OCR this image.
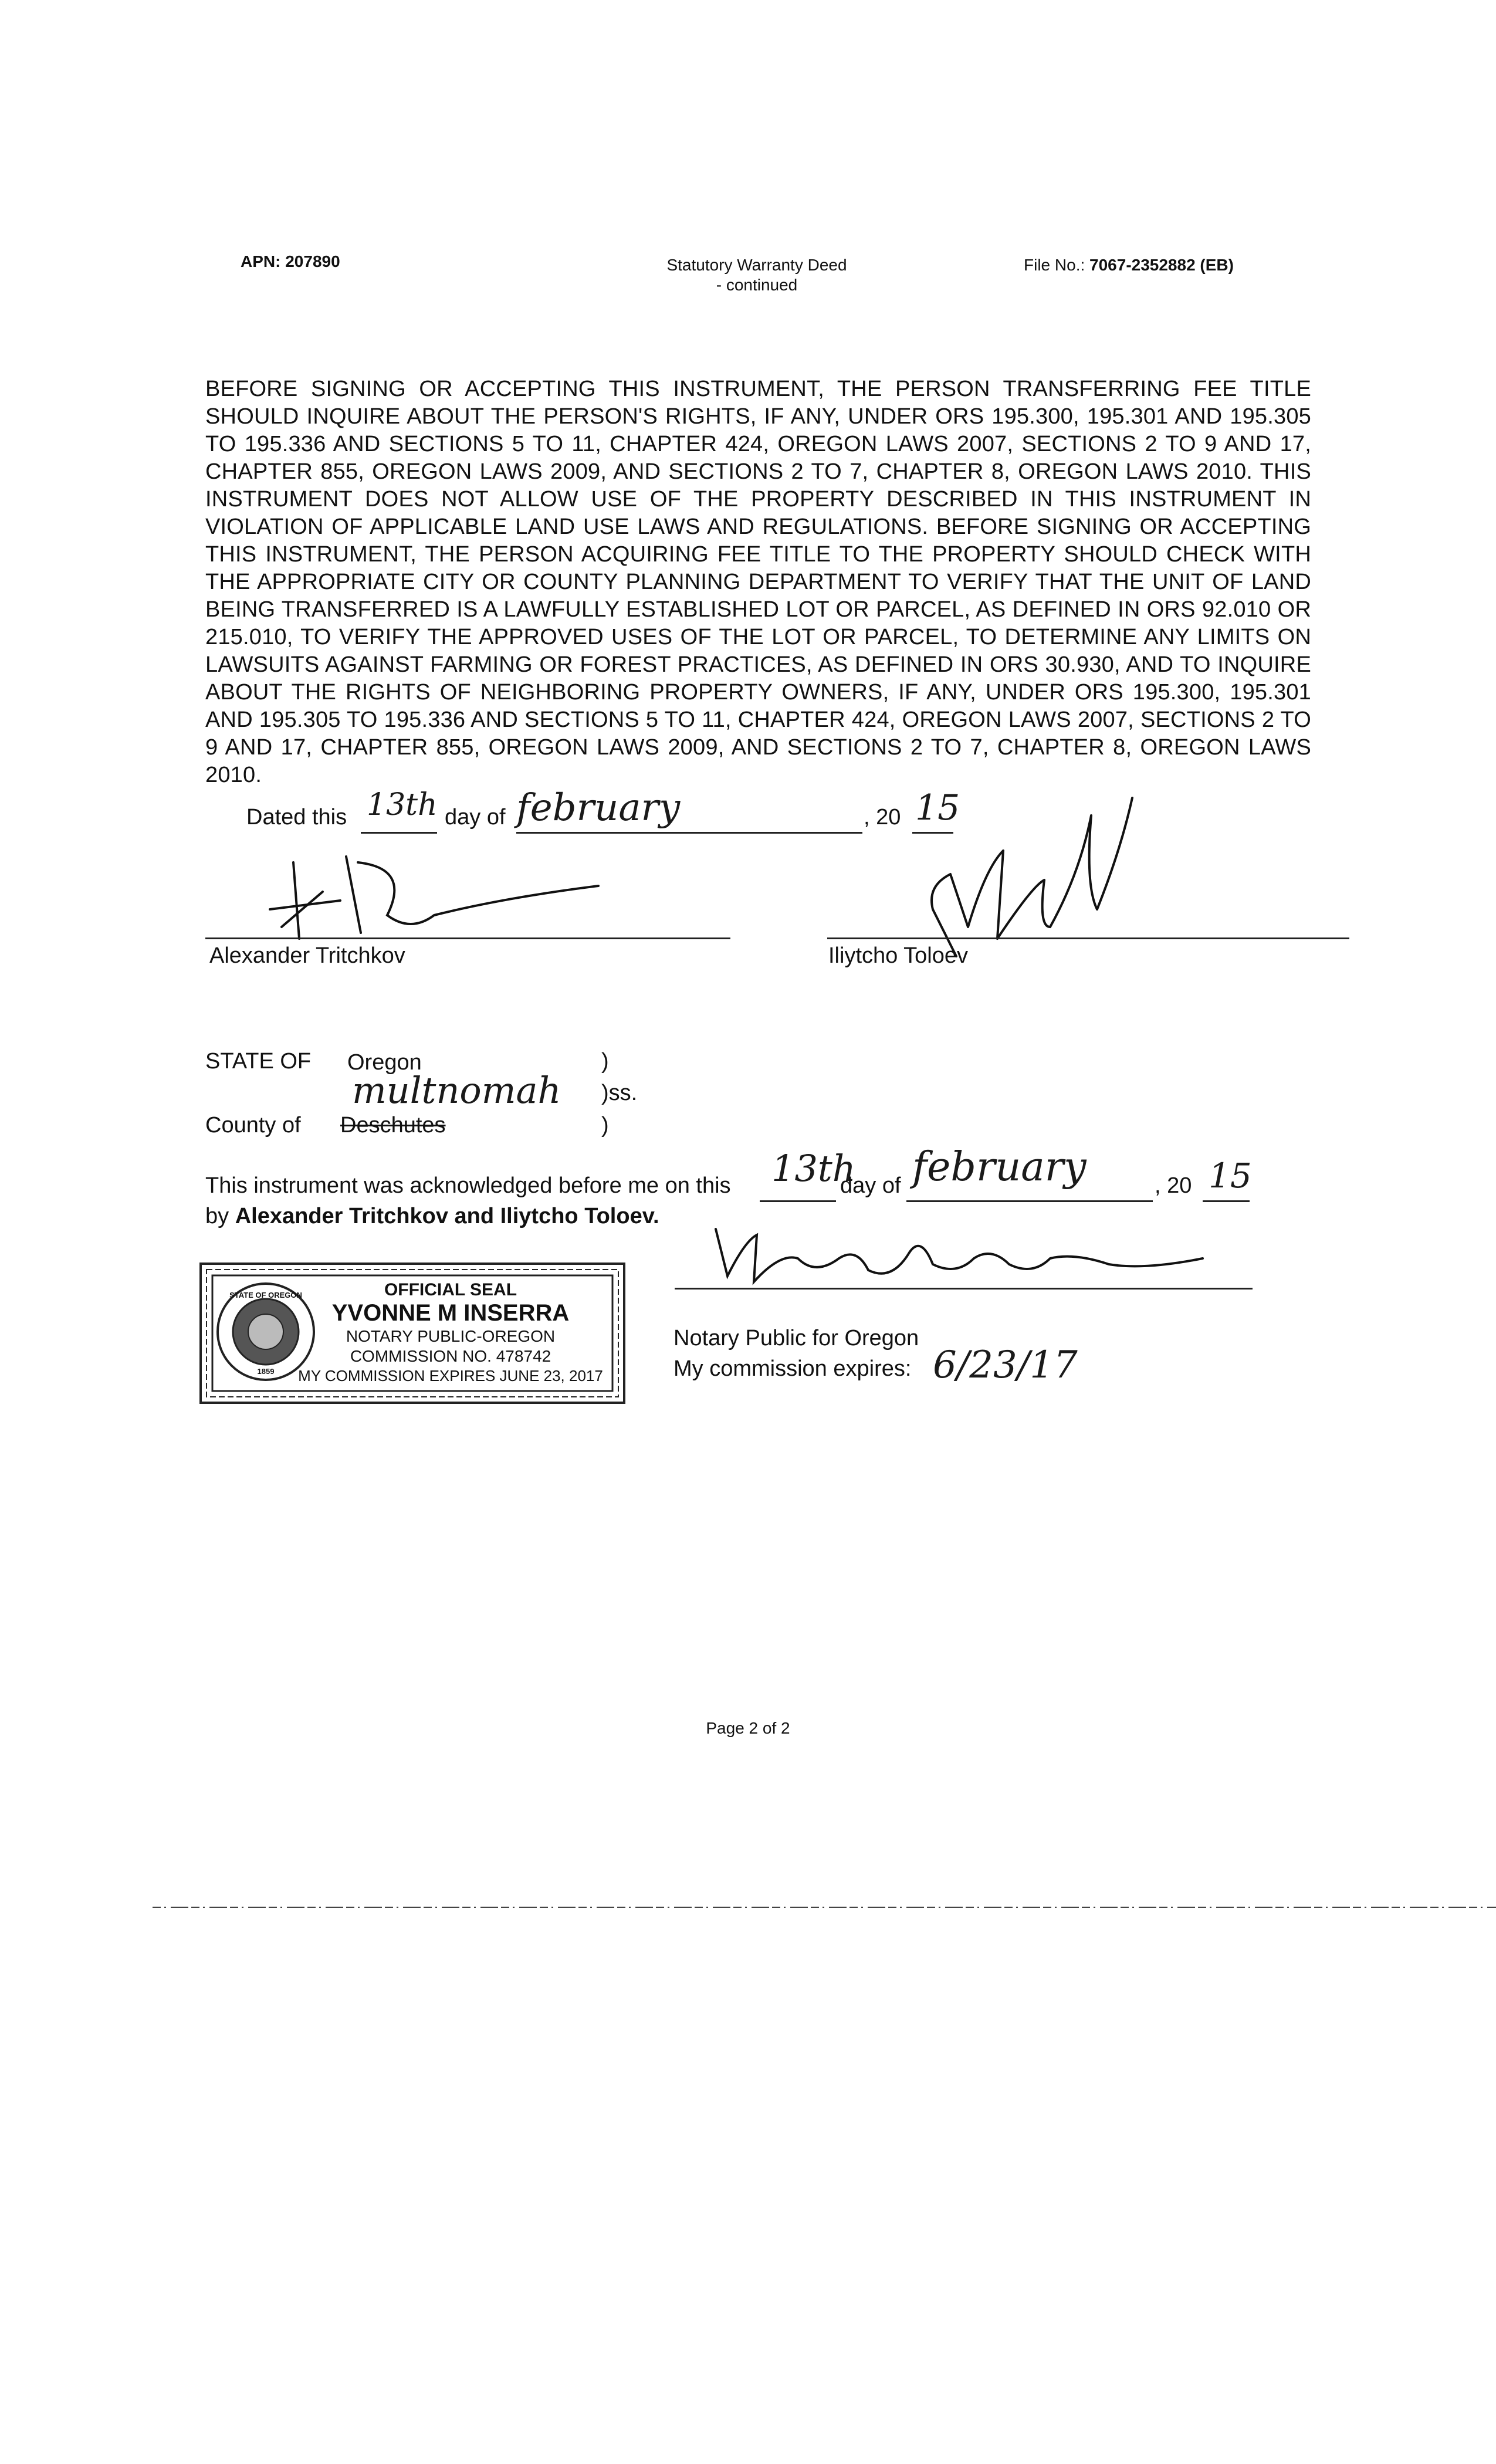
APN: 207890	Statutory Warranty Deed
- continued
File No.: 7067-2352882 (EB)
BEFORE SIGNING OR ACCEPTING THIS INSTRUMENT, THE PERSON TRANSFERRING FEE TITLE SHOULD INQUIRE ABOUT THE PERSON'S RIGHTS, IF ANY, UNDER ORS 195.300, 195.301 AND 195.305 TO 195.336 AND SECTIONS 5 TO 11, CHAPTER 424, OREGON LAWS 2007, SECTIONS 2 TO 9 AND 17, CHAPTER 855, OREGON LAWS 2009, AND SECTIONS 2 TO 7, CHAPTER 8, OREGON LAWS 2010. THIS INSTRUMENT DOES NOT ALLOW USE OF THE PROPERTY DESCRIBED IN THIS INSTRUMENT IN VIOLATION OF APPLICABLE LAND USE LAWS AND REGULATIONS. BEFORE SIGNING OR ACCEPTING THIS INSTRUMENT, THE PERSON ACQUIRING FEE TITLE TO THE PROPERTY SHOULD CHECK WITH THE APPROPRIATE CITY OR COUNTY PLANNING DEPARTMENT TO VERIFY THAT THE UNIT OF LAND BEING TRANSFERRED IS A LAWFULLY ESTABLISHED LOT OR PARCEL, AS DEFINED IN ORS 92.010 OR 215.010, TO VERIFY THE APPROVED USES OF THE LOT OR PARCEL, TO DETERMINE ANY LIMITS ON LAWSUITS AGAINST FARMING OR FOREST PRACTICES, AS DEFINED IN ORS 30.930, AND TO INQUIRE ABOUT THE RIGHTS OF NEIGHBORING PROPERTY OWNERS, IF ANY, UNDER ORS 195.300, 195.301 AND 195.305 TO 195.336 AND SECTIONS 5 TO 11, CHAPTER 424, OREGON LAWS 2007, SECTIONS 2 TO 9 AND 17, CHAPTER 855, OREGON LAWS 2009, AND SECTIONS 2 TO 7, CHAPTER 8, OREGON LAWS 2010.
Dated this 13th day of february	, 20 15
Alexander Tritchkov	Iliytcho Toloev
STATE OF Oregon	)
multnomah )ss.
County of Deschutes	)
This instrument was acknowledged before me on this 13th
day of february	, 20 15
by Alexander Tritchkov and Iliytcho Toloev.
Notary Public for Oregon
My commission expires: 6/23/17
STATE OF OREGON
1859
OFFICIAL SEAL
YVONNE M INSERRA
NOTARY PUBLIC-OREGON
COMMISSION NO. 478742
MY COMMISSION EXPIRES JUNE 23, 2017
Page 2 of 2
